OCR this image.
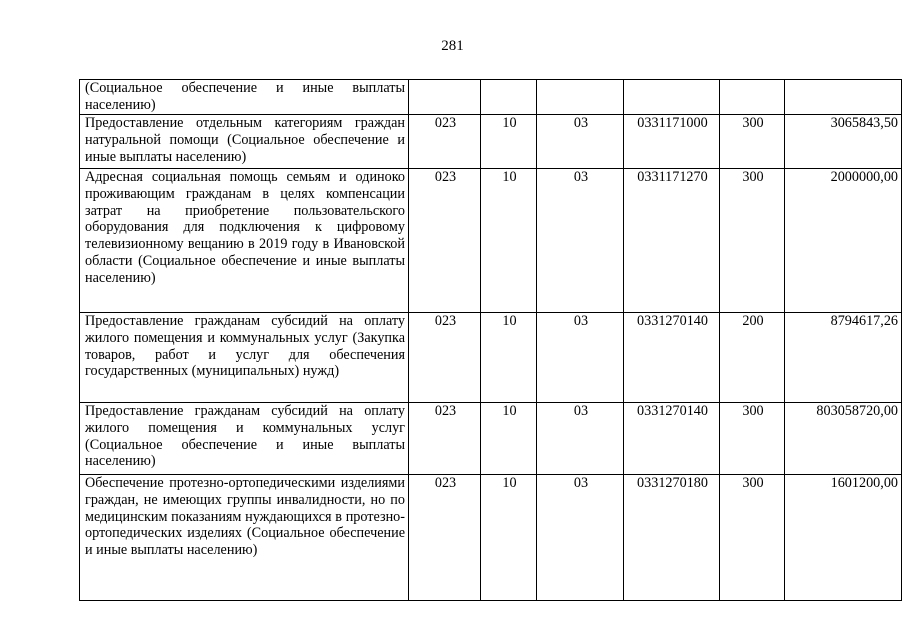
281
(Социальное обеспечение и иные выплаты населению)						
Предоставление отдельным категориям граждан натуральной помощи (Социальное обеспечение и иные выплаты населению)	023	10	03	0331171000	300	3065843,50
Адресная социальная помощь семьям и одиноко проживающим гражданам в целях компенсации затрат на приобретение пользовательского оборудования для подключения к цифровому телевизионному вещанию в 2019 году в Ивановской области (Социальное обеспечение и иные выплаты населению)	023	10	03	0331171270	300	2000000,00
Предоставление гражданам субсидий на оплату жилого помещения и коммунальных услуг (Закупка товаров, работ и услуг для обеспечения государственных (муниципальных) нужд)	023	10	03	0331270140	200	8794617,26
Предоставление гражданам субсидий на оплату жилого помещения и коммунальных услуг (Социальное обеспечение и иные выплаты населению)	023	10	03	0331270140	300	803058720,00
Обеспечение протезно-ортопедическими изделиями граждан, не имеющих группы инвалидности, но по медицинским показаниям нуждающихся в протезно-ортопедических изделиях (Социальное обеспечение и иные выплаты населению)	023	10	03	0331270180	300	1601200,00
